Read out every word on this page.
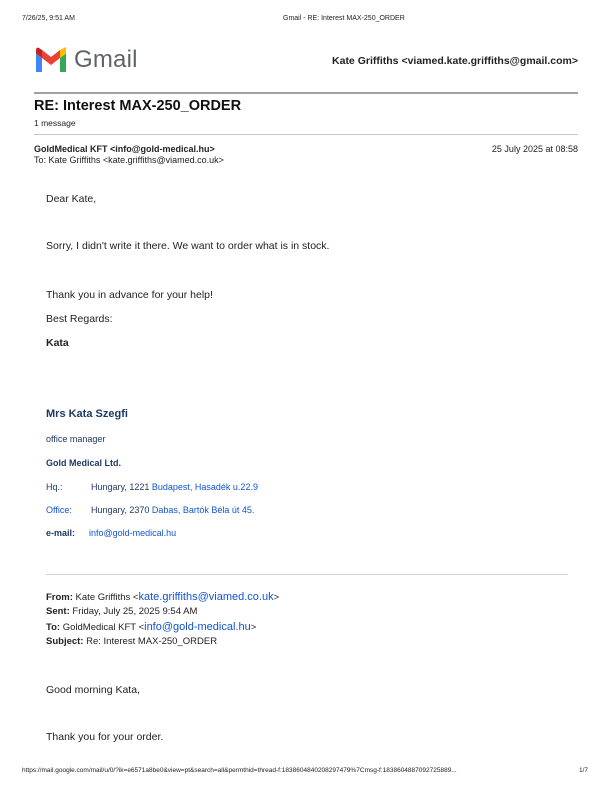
7/26/25, 9:51 AM	Gmail - RE: Interest MAX-250_ORDER
Gmail	Kate Griffiths <viamed.kate.griffiths@gmail.com>
RE: Interest MAX-250_ORDER
1 message
GoldMedical KFT <info@gold-medical.hu>	25 July 2025 at 08:58
To: Kate Griffiths <kate.griffiths@viamed.co.uk>
Dear Kate,
Sorry, I didn't write it there. We want to order what is in stock.
Thank you in advance for your help!
Best Regards:
Kata
Mrs Kata Szegfi
office manager
Gold Medical Ltd.
Hq.:	Hungary, 1221 Budapest, Hasadék u.22.9
Office: Hungary, 2370 Dabas, Bartók Béla út 45.
e-mail: info@gold-medical.hu
From: Kate Griffiths <kate.griffiths@viamed.co.uk>
Sent: Friday, July 25, 2025 9:54 AM
To: GoldMedical KFT <info@gold-medical.hu>
Subject: Re: Interest MAX-250_ORDER
Good morning Kata,
Thank you for your order.
https://mail.google.com/mail/u/0/?ik=e6571a8be0&view=pt&search=all&permthid=thread-f:1838604840208297479%7Cmsg-f:1838604887092725889...	1/7
